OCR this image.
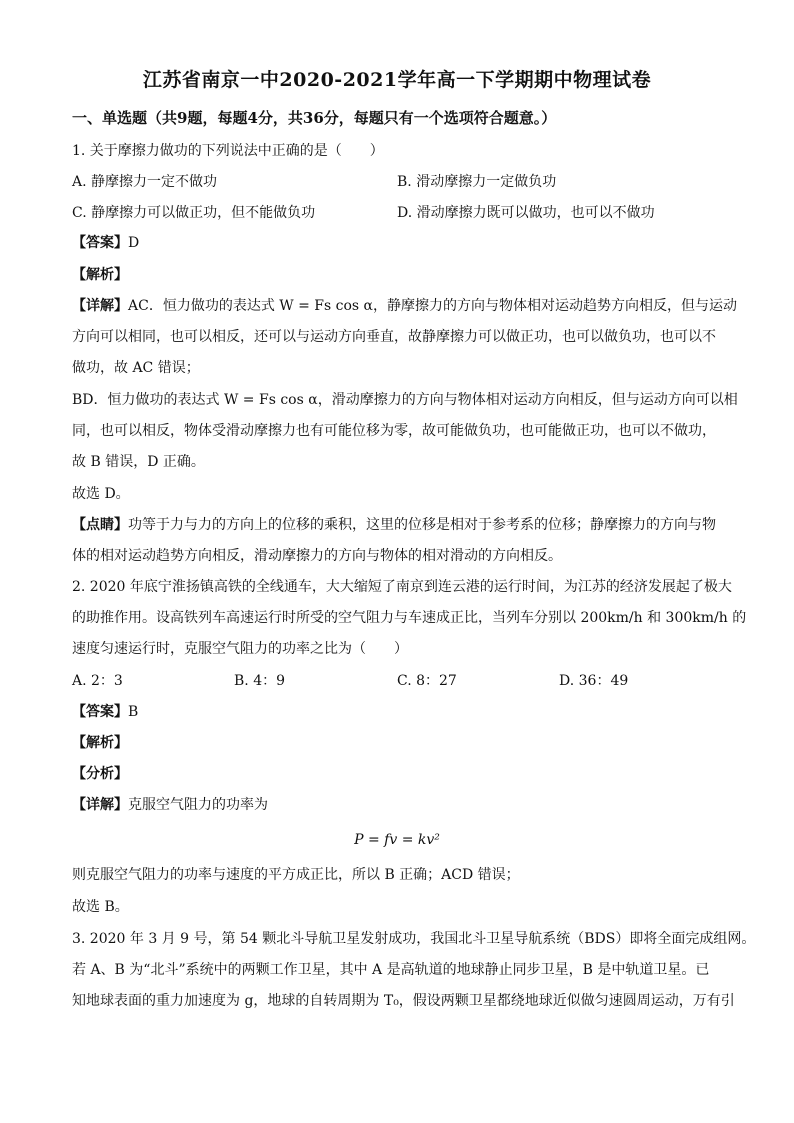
江苏省南京一中2020-2021学年高一下学期期中物理试卷
一、单选题（共9题，每题4分，共36分，每题只有一个选项符合题意。）
1. 关于摩擦力做功的下列说法中正确的是（　　）
A. 静摩擦力一定不做功	B. 滑动摩擦力一定做负功
C. 静摩擦力可以做正功，但不能做负功	D. 滑动摩擦力既可以做功，也可以不做功
【答案】D
【解析】
【详解】AC．恒力做功的表达式 W = Fs cos α，静摩擦力的方向与物体相对运动趋势方向相反，但与运动
方向可以相同，也可以相反，还可以与运动方向垂直，故静摩擦力可以做正功，也可以做负功，也可以不
做功，故 AC 错误；
BD．恒力做功的表达式 W = Fs cos α，滑动摩擦力的方向与物体相对运动方向相反，但与运动方向可以相
同，也可以相反，物体受滑动摩擦力也有可能位移为零，故可能做负功，也可能做正功，也可以不做功，
故 B 错误，D 正确。
故选 D。
【点睛】功等于力与力的方向上的位移的乘积，这里的位移是相对于参考系的位移；静摩擦力的方向与物
体的相对运动趋势方向相反，滑动摩擦力的方向与物体的相对滑动的方向相反。
2. 2020 年底宁淮扬镇高铁的全线通车，大大缩短了南京到连云港的运行时间，为江苏的经济发展起了极大
的助推作用。设高铁列车高速运行时所受的空气阻力与车速成正比，当列车分别以 200km/h 和 300km/h 的
速度匀速运行时，克服空气阻力的功率之比为（　　）
A. 2：3	B. 4：9	C. 8：27	D. 36：49
【答案】B
【解析】
【分析】
【详解】克服空气阻力的功率为
P = fv = kv²
则克服空气阻力的功率与速度的平方成正比，所以 B 正确；ACD 错误；
故选 B。
3. 2020 年 3 月 9 号，第 54 颗北斗导航卫星发射成功，我国北斗卫星导航系统（BDS）即将全面完成组网。
若 A、B 为“北斗”系统中的两颗工作卫星，其中 A 是高轨道的地球静止同步卫星，B 是中轨道卫星。已
知地球表面的重力加速度为 g，地球的自转周期为 T₀，假设两颗卫星都绕地球近似做匀速圆周运动，万有引
